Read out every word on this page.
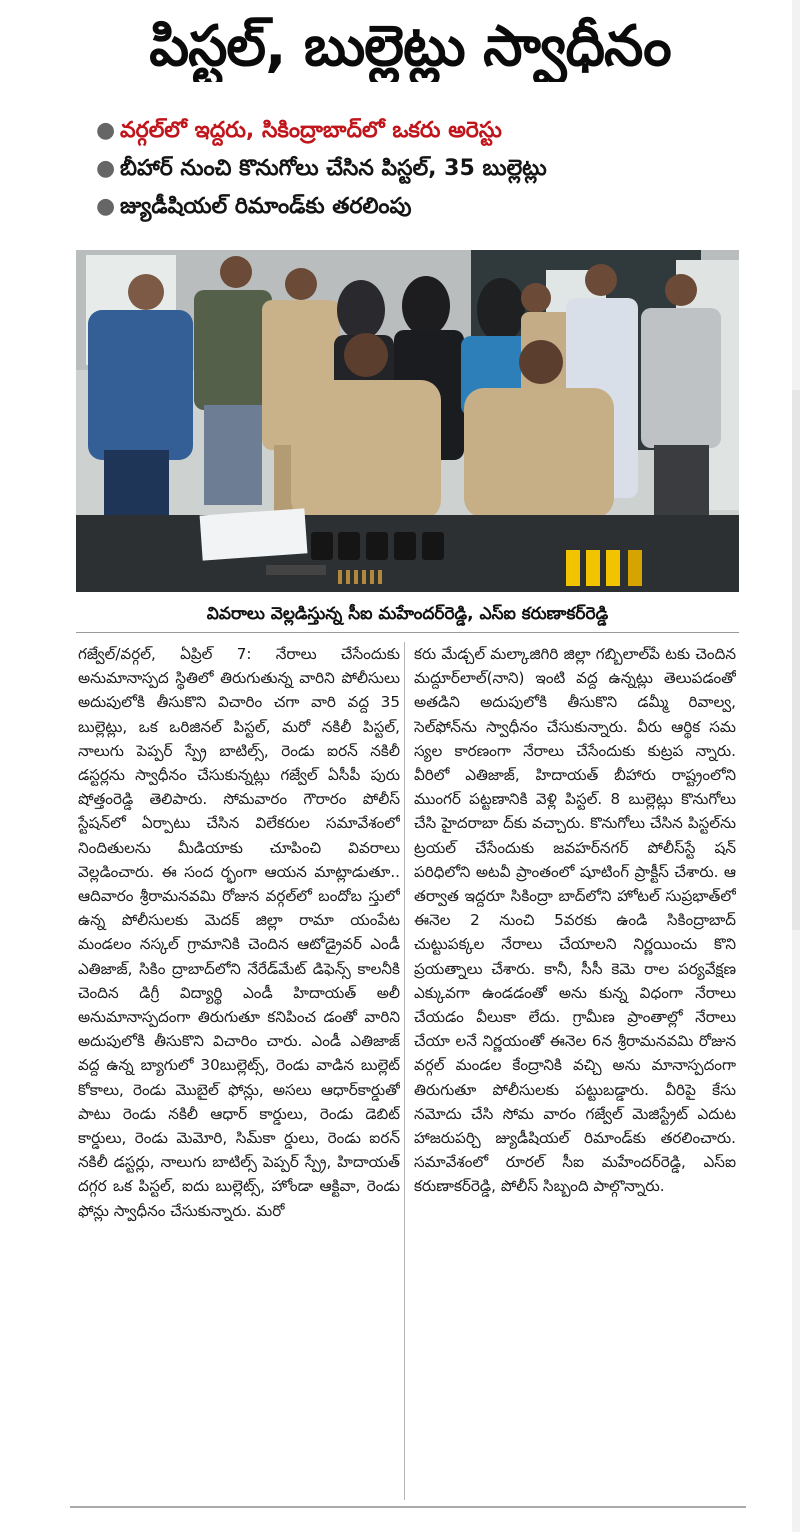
పిస్టల్, బుల్లెట్లు స్వాధీనం
● వర్గల్‌లో ఇద్దరు, సికింద్రాబాద్‌లో ఒకరు అరెస్టు
● బీహార్ నుంచి కొనుగోలు చేసిన పిస్టల్, 35 బుల్లెట్లు
● జ్యుడీషియల్ రిమాండ్‌కు తరలింపు
వివరాలు వెల్లడిస్తున్న సీఐ మహేందర్‌రెడ్డి, ఎస్ఐ కరుణాకర్‌రెడ్డి
గజ్వేల్/వర్గల్, ఏప్రిల్ 7: నేరాలు చేసేందుకు అనుమానాస్పద స్థితిలో తిరుగుతున్న వారిని పోలీసులు అదుపులోకి తీసుకొని విచారిం చగా వారి వద్ద 35 బుల్లెట్లు, ఒక ఒరిజినల్ పిస్టల్, మరో నకిలీ పిస్టల్, నాలుగు పెప్పర్ స్ప్రే బాటిల్స్, రెండు ఐరన్ నకిలీ డస్టర్లను స్వాధీనం చేసుకున్నట్లు గజ్వేల్ ఏసీపీ పురు షోత్తంరెడ్డి తెలిపారు. సోమవారం గౌరారం పోలీస్ స్టేషన్‌లో ఏర్పాటు చేసిన విలేకరుల సమావేశంలో నిందితులను మీడియాకు చూపించి వివరాలు వెల్లడించారు. ఈ సంద ర్భంగా ఆయన మాట్లాడుతూ.. ఆదివారం శ్రీరామనవమి రోజున వర్గల్‌లో బందోబ స్తులో ఉన్న పోలీసులకు మెదక్ జిల్లా రామా యంపేట మండలం నస్కల్ గ్రామానికి చెందిన ఆటోడ్రైవర్ ఎండీ ఎతిజాజ్, సికిం ద్రాబాద్‌లోని నేరేడ్‌మేట్ డిఫెన్స్ కాలనీకి చెందిన డిగ్రీ విద్యార్థి ఎండీ హిదాయత్ అలీ అనుమానాస్పదంగా తిరుగుతూ కనిపించ డంతో వారిని అదుపులోకి తీసుకొని విచారిం చారు. ఎండీ ఎతిజాజ్ వద్ద ఉన్న బ్యాగులో 30బుల్లెట్స్, రెండు వాడిన బుల్లెట్ కోకాలు, రెండు మొబైల్ ఫోన్లు, అసలు ఆధార్‌కార్డుతో పాటు రెండు నకిలీ ఆధార్ కార్డులు, రెండు డెబిట్ కార్డులు, రెండు మెమోరి, సిమ్‌కా ర్డులు, రెండు ఐరన్ నకిలీ డస్టర్లు, నాలుగు బాటిల్స్ పెప్పర్ స్ప్రే, హిదాయత్ దగ్గర ఒక పిస్టల్, ఐదు బుల్లెట్స్, హోండా ఆక్టివా, రెండు ఫోన్లు స్వాధీనం చేసుకున్నారు. మరో
కరు మేడ్చల్ మల్కాజిగిరి జిల్లా గబ్బిలాల్‌పే టకు చెందిన మద్దూర్‌లాల్(నాని) ఇంటి వద్ద ఉన్నట్లు తెలుపడంతో అతడిని అదుపులోకి తీసుకొని డమ్మీ రివాల్వ, సెల్‌ఫోన్‌ను స్వాధీనం చేసుకున్నారు. వీరు ఆర్థిక సమ స్యల కారణంగా నేరాలు చేసేందుకు కుట్రప న్నారు. వీరిలో ఎతిజాజ్, హిదాయత్ బీహారు రాష్ట్రంలోని ముంగర్ పట్టణానికి వెళ్లి పిస్టల్. 8 బుల్లెట్లు కొనుగోలు చేసి హైదరాబా ద్‌కు వచ్చారు. కొనుగోలు చేసిన పిస్టల్‌ను ట్రయల్ చేసేందుకు జవహర్‌నగర్ పోలీస్‌స్టే షన్ పరిధిలోని అటవీ ప్రాంతంలో షూటింగ్ ప్రాక్టీస్ చేశారు. ఆ తర్వాత ఇద్దరూ సికింద్రా బాద్‌లోని హోటల్ సుప్రభాత్‌లో ఈనెల 2 నుంచి 5వరకు ఉండి సికింద్రాబాద్ చుట్టుపక్కల నేరాలు చేయాలని నిర్ణయించు కొని ప్రయత్నాలు చేశారు. కానీ, సీసీ కెమె రాల పర్యవేక్షణ ఎక్కువగా ఉండడంతో అను కున్న విధంగా నేరాలు చేయడం వీలుకా లేదు. గ్రామీణ ప్రాంతాల్లో నేరాలు చేయా లనే నిర్ణయంతో ఈనెల 6న శ్రీరామనవమి రోజున వర్గల్ మండల కేంద్రానికి వచ్చి అను మానాస్పదంగా తిరుగుతూ పోలీసులకు పట్టుబడ్డారు. వీరిపై కేసు నమోదు చేసి సోమ వారం గజ్వేల్ మెజిస్ట్రేట్ ఎదుట హాజరుపర్చి జ్యుడీషియల్ రిమాండ్‌కు తరలించారు. సమావేశంలో రూరల్ సీఐ మహేందర్‌రెడ్డి, ఎస్ఐ కరుణాకర్‌రెడ్డి, పోలీస్ సిబ్బంది పాల్గొన్నారు.
